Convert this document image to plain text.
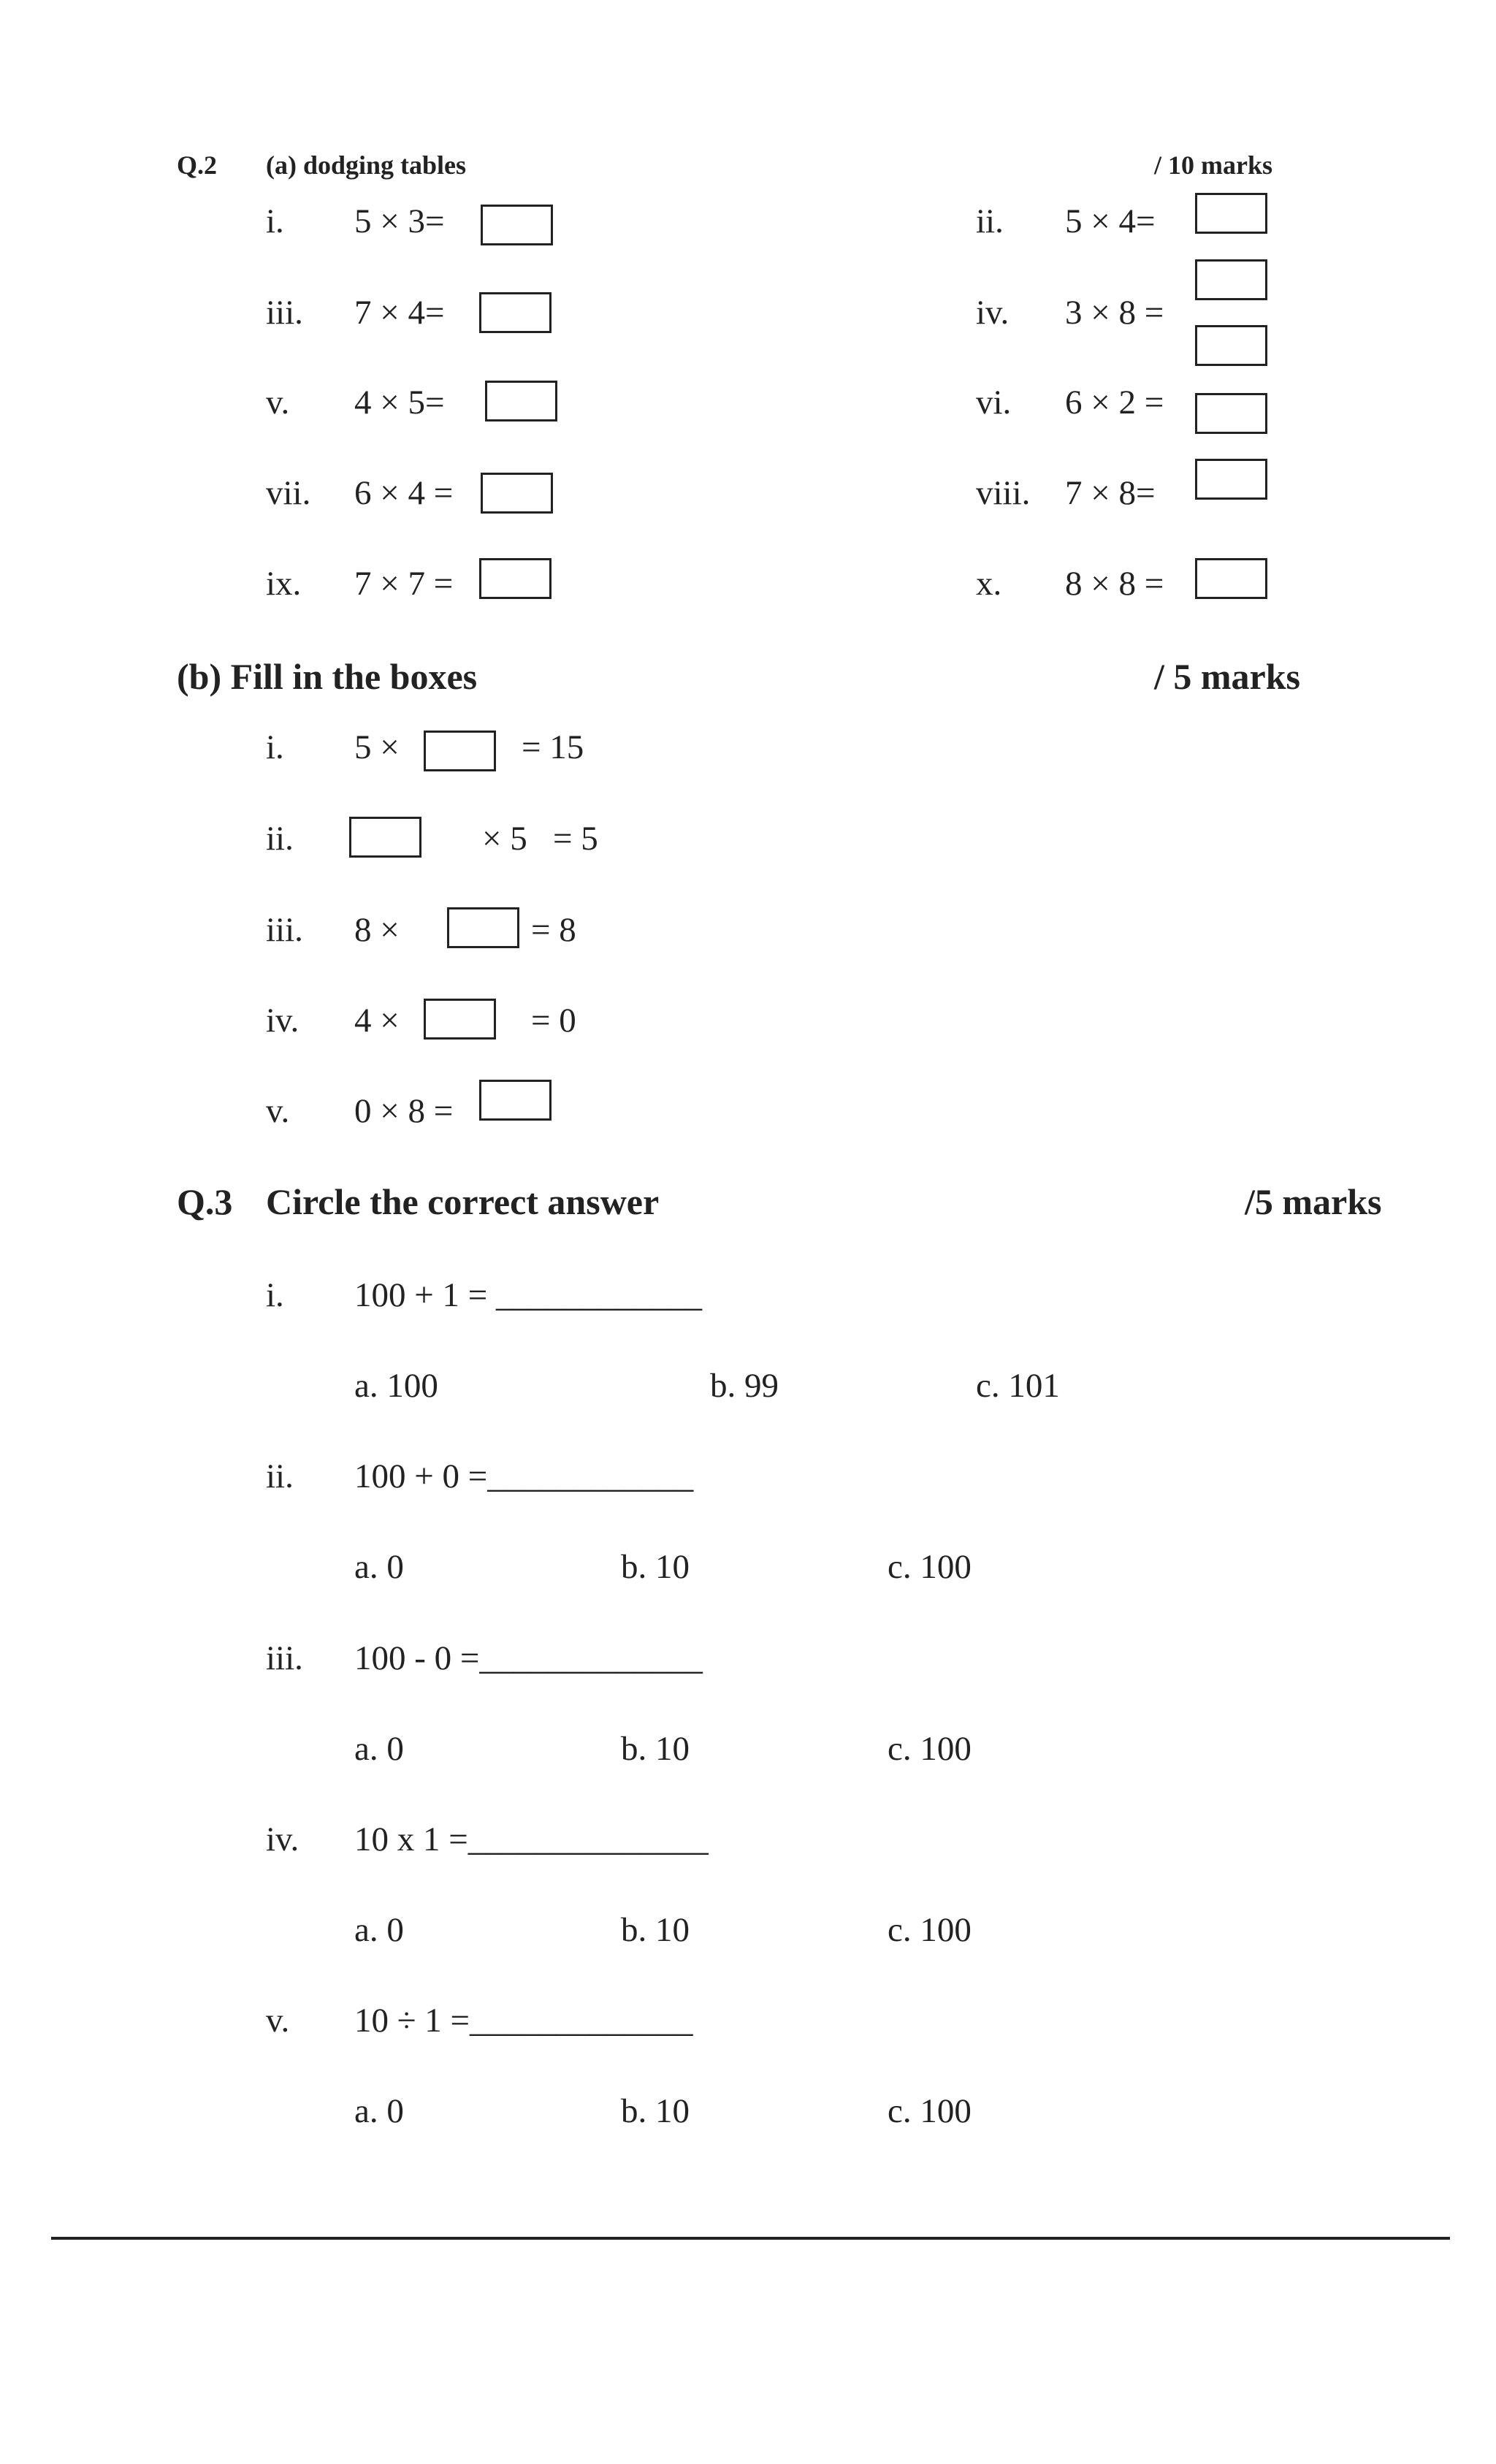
Q.2 (a) dodging tables	/ 10 marks
i. 5 × 3=
iii. 7 × 4=
v. 4 × 5=
vii. 6 × 4 =
ix. 7 × 7 =
ii. 5 × 4=
iv. 3 × 8 =
vi. 6 × 2 =
viii. 7 × 8=
x. 8 × 8 =
(b) Fill in the boxes	/ 5 marks
i. 5 ×	= 15
ii.	× 5   = 5
iii. 8 ×	= 8
iv. 4 ×	= 0
v. 0 × 8 =
Q.3 Circle the correct answer	/5 marks
i. 100 + 1 = ____________
a. 100	b. 99	c. 101
ii. 100 + 0 =____________
a. 0	b. 10	c. 100
iii. 100 - 0 =_____________
a. 0	b. 10	c. 100
iv. 10 x 1 =______________
a. 0	b. 10	c. 100
v. 10 ÷ 1 =_____________
a. 0	b. 10	c. 100
